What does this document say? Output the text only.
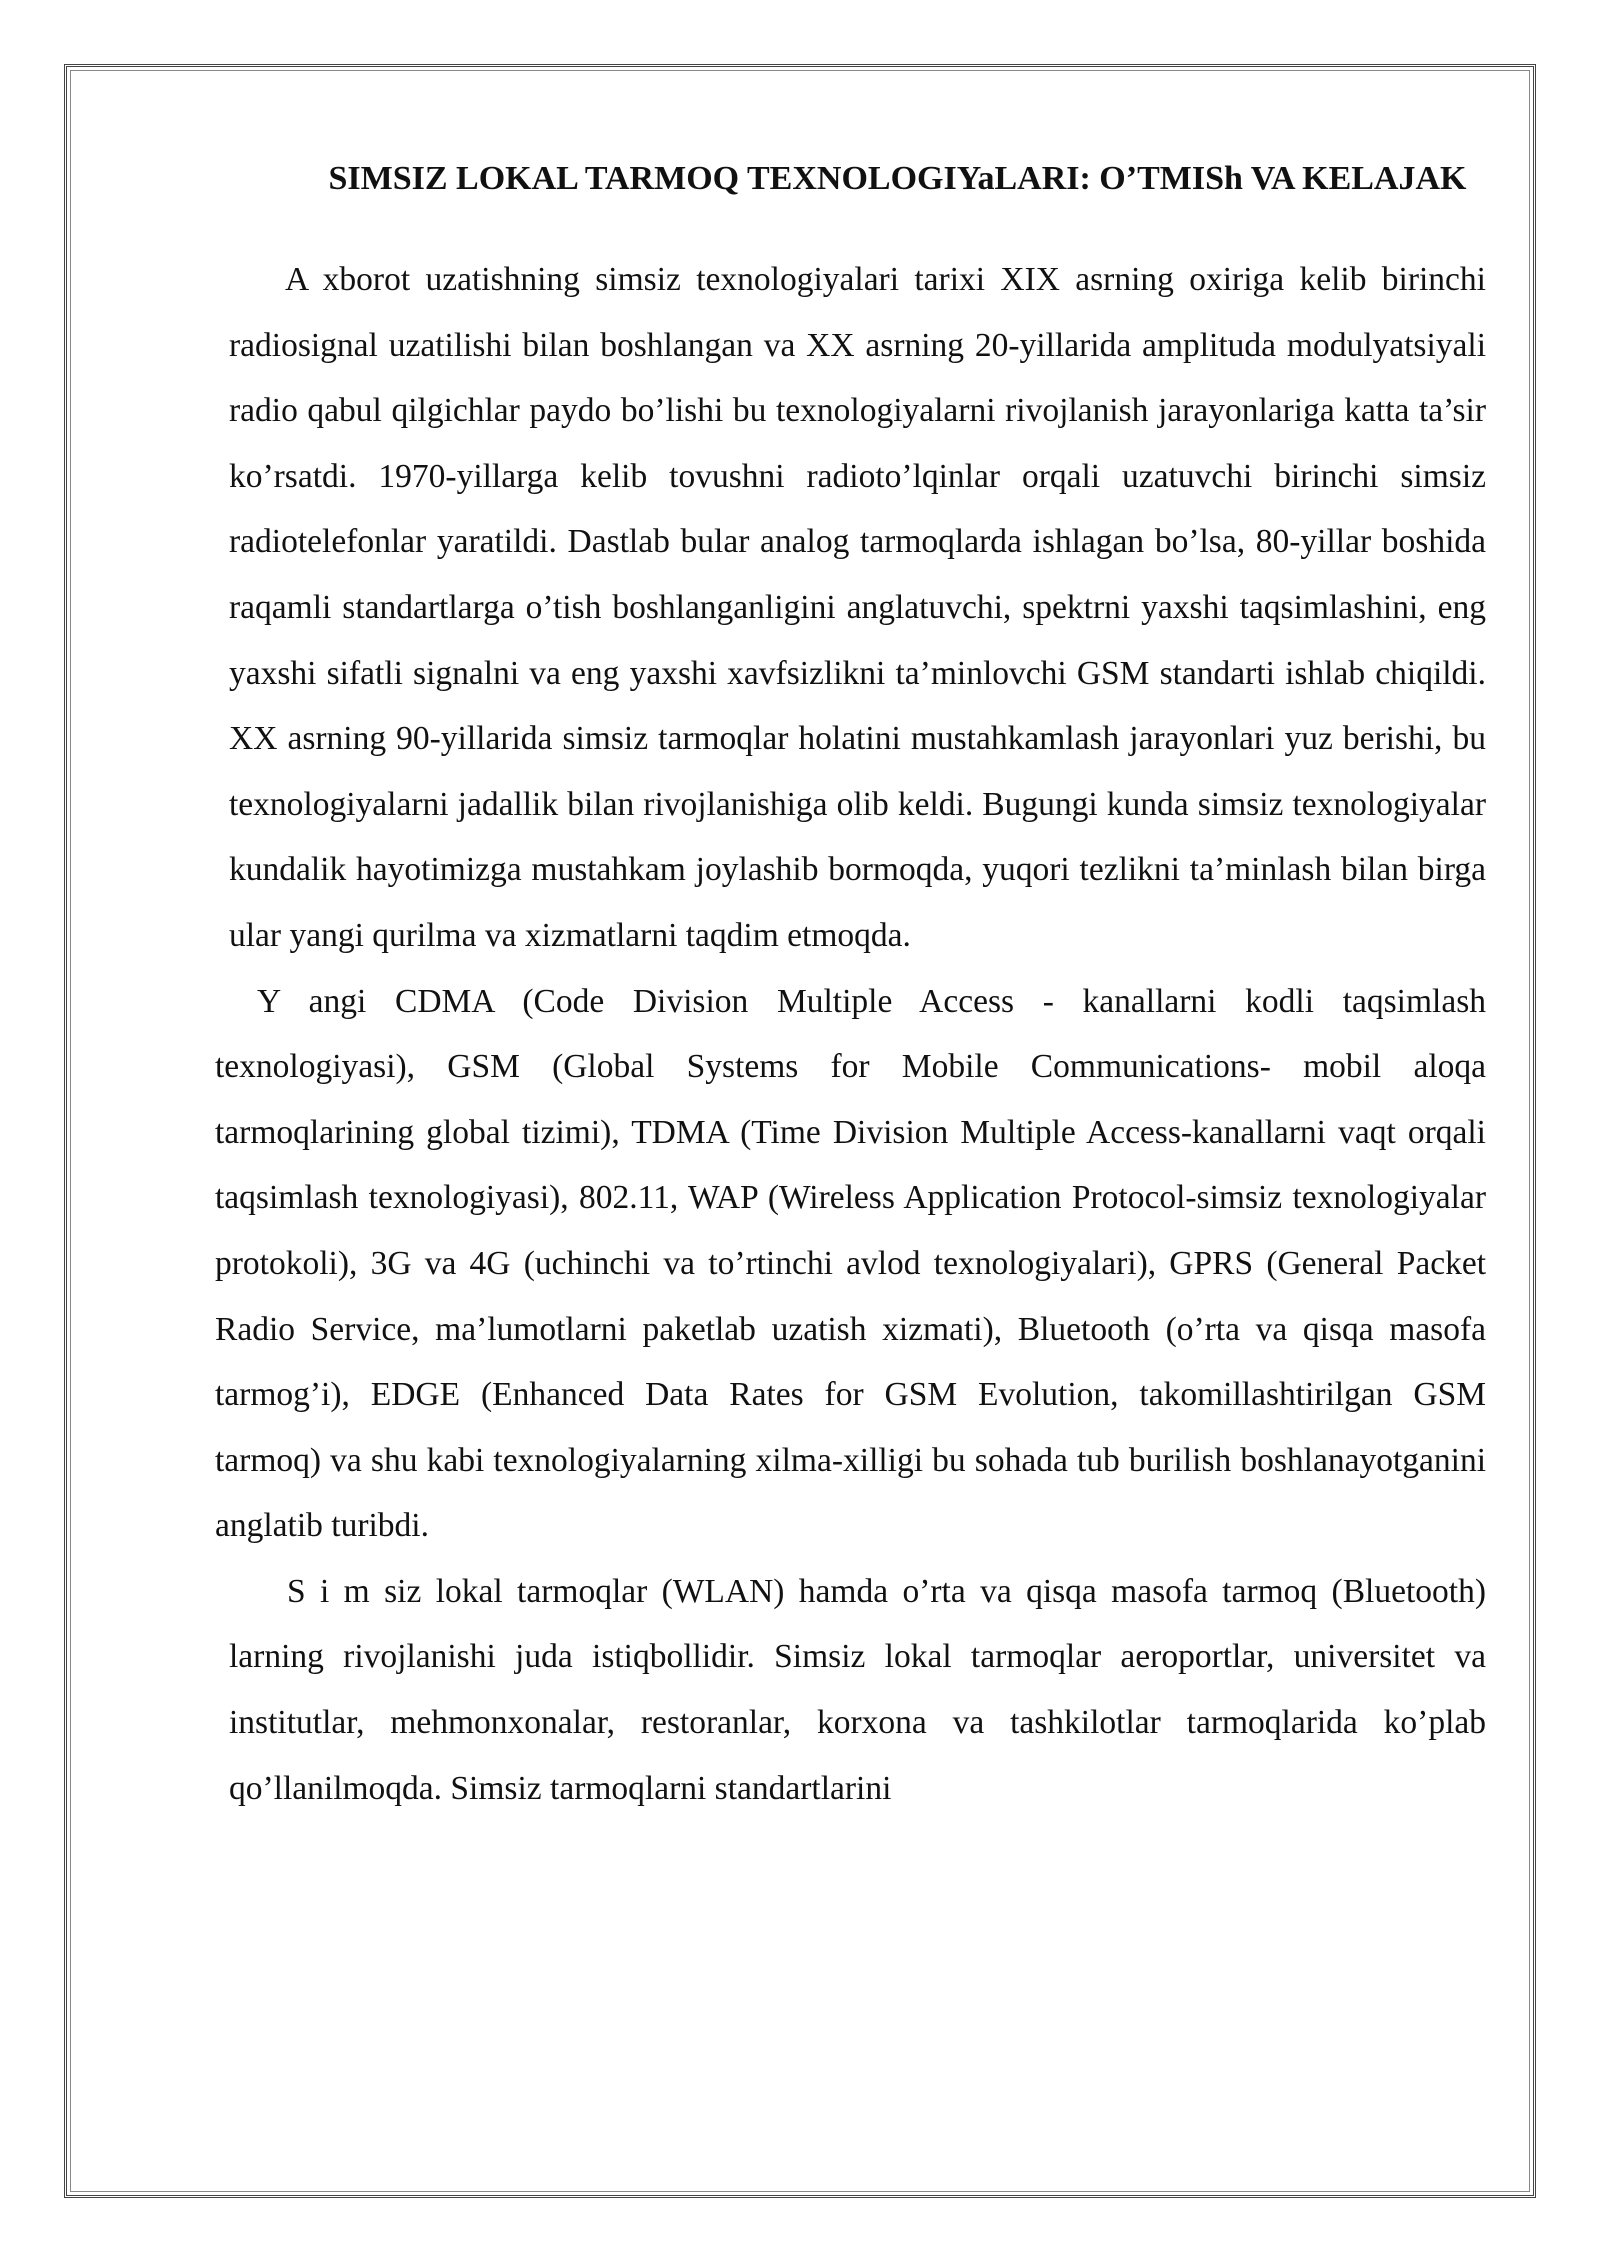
SIMSIZ LOKAL TARMOQ TEXNOLOGIYaLARI: O’TMISh VA KELAJAK

A xborot uzatishning simsiz texnologiyalari tarixi XIX asrning oxiriga kelib birinchi radiosignal uzatilishi bilan boshlangan va XX asrning 20-yillarida amplituda modulyatsiyali radio qabul qilgichlar paydo bo’lishi bu texnologiyalarni rivojlanish jarayonlariga katta ta’sir ko’rsatdi. 1970-yillarga kelib tovushni radioto’lqinlar orqali uzatuvchi birinchi simsiz radiotelefonlar yaratildi. Dastlab bular analog tarmoqlarda ishlagan bo’lsa, 80-yillar boshida raqamli standartlarga o’tish boshlanganligini anglatuvchi, spektrni yaxshi taqsimlashini, eng yaxshi sifatli signalni va eng yaxshi xavfsizlikni ta’minlovchi GSM standarti ishlab chiqildi. XX asrning 90-yillarida simsiz tarmoqlar holatini mustahkamlash jarayonlari yuz berishi, bu texnologiyalarni jadallik bilan rivojlanishiga olib keldi. Bugungi kunda simsiz texnologiyalar kundalik hayotimizga mustahkam joylashib bormoqda, yuqori tezlikni ta’minlash bilan birga ular yangi qurilma va xizmatlarni taqdim etmoqda.

Y angi CDMA (Code Division Multiple Access - kanallarni kodli taqsimlash texnologiyasi), GSM (Global Systems for Mobile Communications- mobil aloqa tarmoqlarining global tizimi), TDMA (Time Division Multiple Access-kanallarni vaqt orqali taqsimlash texnologiyasi), 802.11, WAP (Wireless Application Protocol-simsiz texnologiyalar protokoli), 3G va 4G (uchinchi va to’rtinchi avlod texnologiyalari), GPRS (General Packet Radio Service, ma’lumotlarni paketlab uzatish xizmati), Bluetooth (o’rta va qisqa masofa tarmog’i), EDGE (Enhanced Data Rates for GSM Evolution, takomillashtirilgan GSM tarmoq) va shu kabi texnologiyalarning xilma-xilligi bu sohada tub burilish boshlanayotganini anglatib turibdi.

S i m siz lokal tarmoqlar (WLAN) hamda o’rta va qisqa masofa tarmoq (Bluetooth) larning rivojlanishi juda istiqbollidir. Simsiz lokal tarmoqlar aeroportlar, universitet va institutlar, mehmonxonalar, restoranlar, korxona va tashkilotlar tarmoqlarida ko’plab qo’llanilmoqda. Simsiz tarmoqlarni standartlarini
